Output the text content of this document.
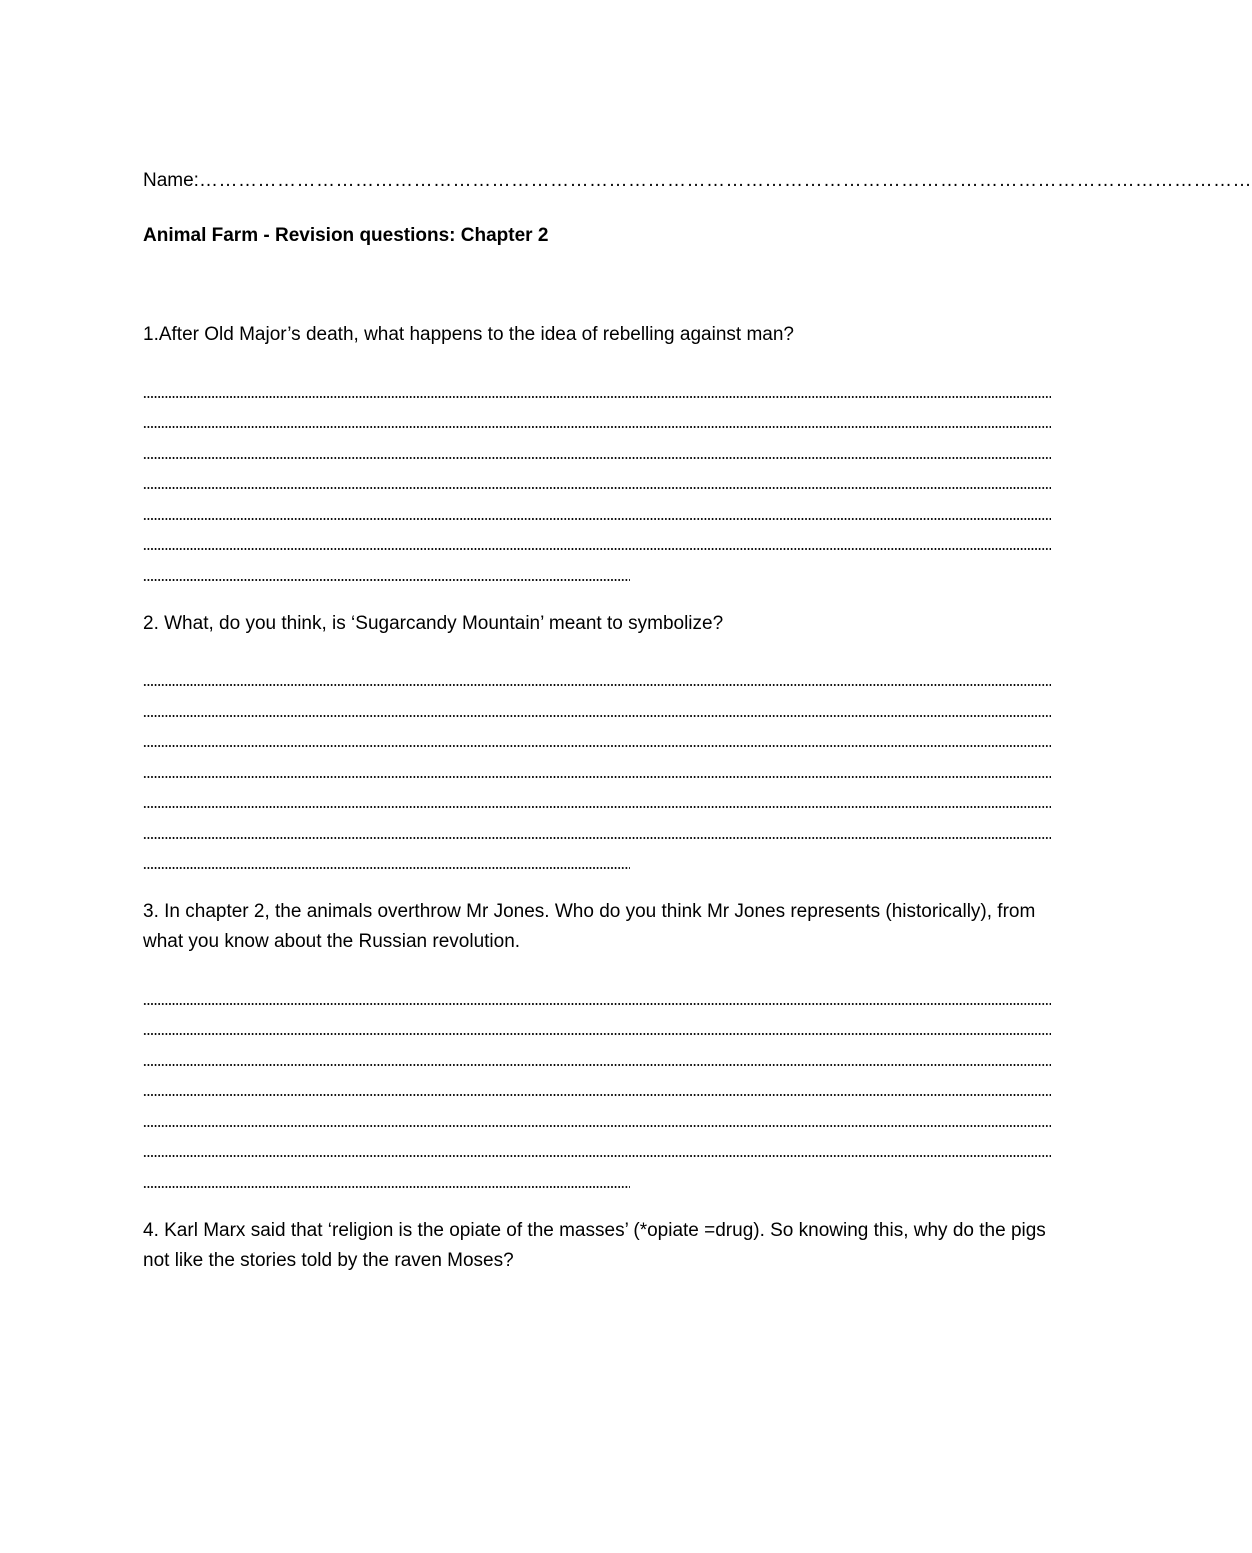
Name: ………………………………………………………………………………………………………………………………………………
Animal Farm - Revision questions: Chapter 2
1.After Old Major’s death, what happens to the idea of rebelling against man?
2. What, do you think, is ‘Sugarcandy Mountain’ meant to symbolize?
3. In chapter 2, the animals overthrow Mr Jones. Who do you think Mr Jones represents (historically), from what you know about the Russian revolution.
4. Karl Marx said that ‘religion is the opiate of the masses’ (*opiate =drug). So knowing this, why do the pigs not like the stories told by the raven Moses?
